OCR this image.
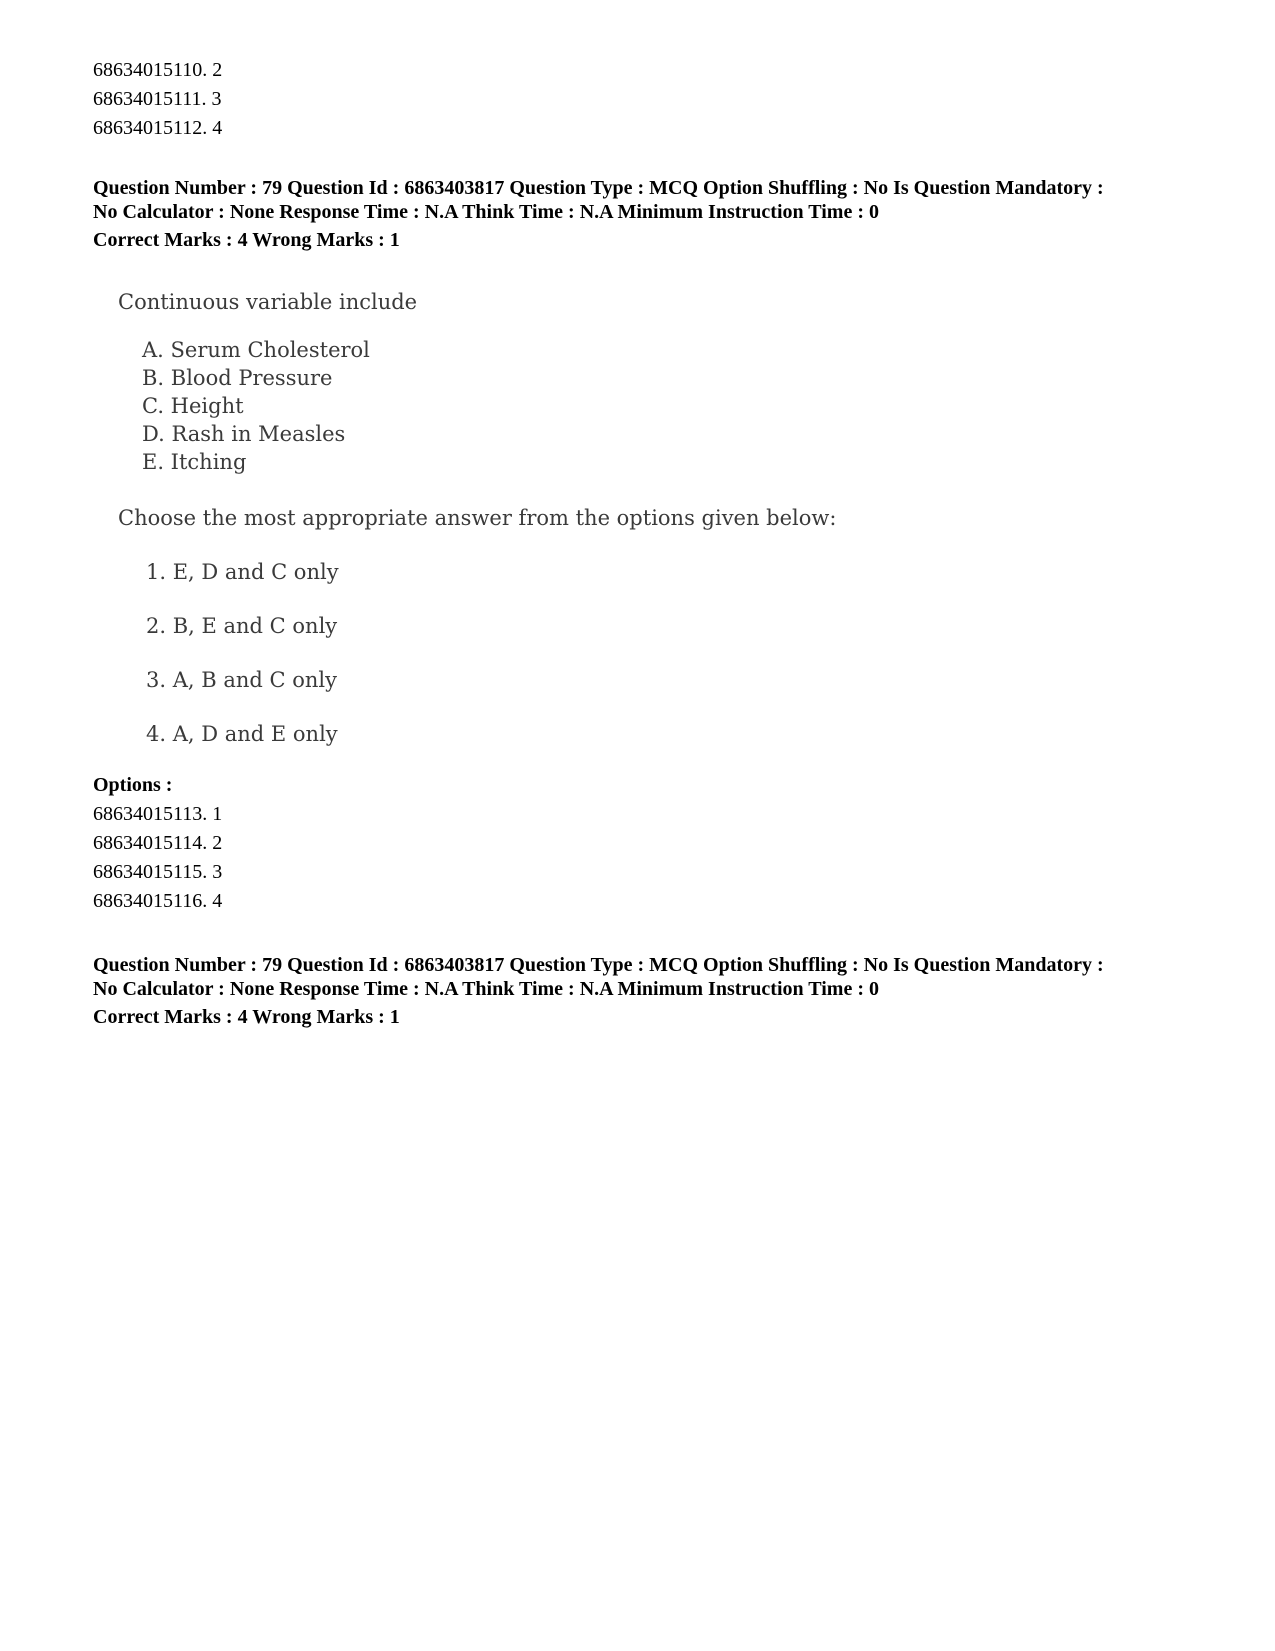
68634015110. 2
68634015111. 3
68634015112. 4
Question Number : 79 Question Id : 6863403817 Question Type : MCQ Option Shuffling : No Is Question Mandatory :
No Calculator : None Response Time : N.A Think Time : N.A Minimum Instruction Time : 0
Correct Marks : 4 Wrong Marks : 1
Continuous variable include
A. Serum Cholesterol
B. Blood Pressure
C. Height
D. Rash in Measles
E. Itching
Choose the most appropriate answer from the options given below:
1. E, D and C only
2. B, E and C only
3. A, B and C only
4. A, D and E only
Options :
68634015113. 1
68634015114. 2
68634015115. 3
68634015116. 4
Question Number : 79 Question Id : 6863403817 Question Type : MCQ Option Shuffling : No Is Question Mandatory :
No Calculator : None Response Time : N.A Think Time : N.A Minimum Instruction Time : 0
Correct Marks : 4 Wrong Marks : 1
